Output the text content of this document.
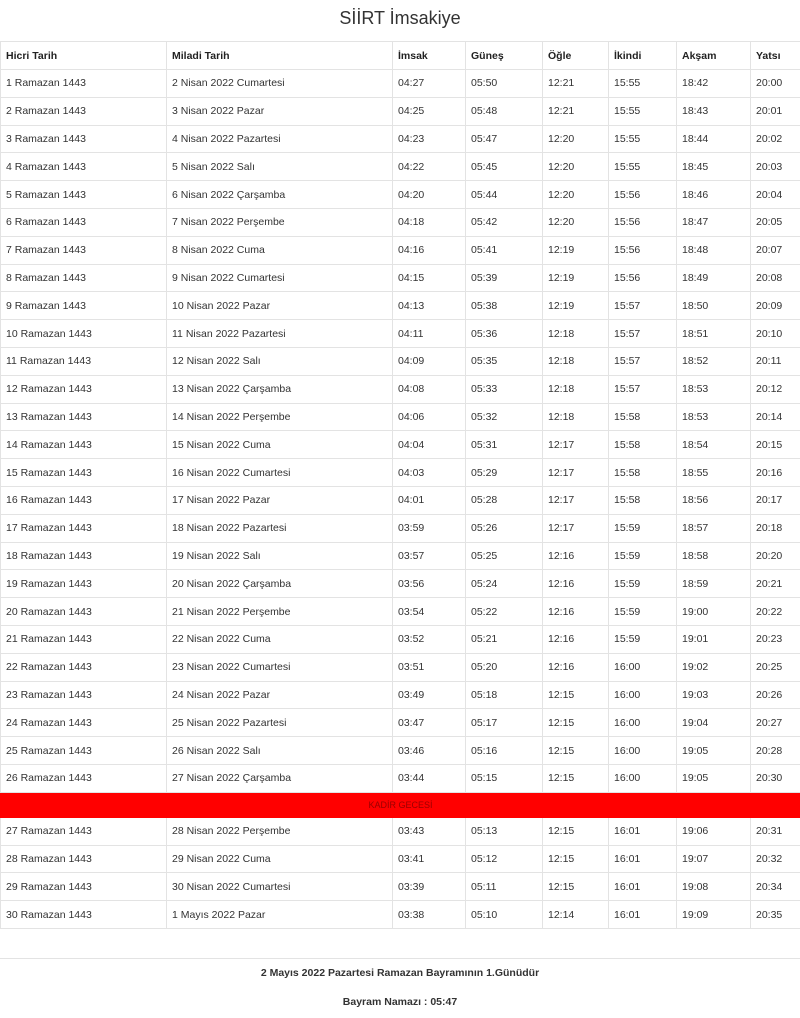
SİİRT İmsakiye
Hicri Tarih	Miladi Tarih	İmsak	Güneş	Öğle	İkindi	Akşam	Yatsı
1 Ramazan 1443	2 Nisan 2022 Cumartesi	04:27	05:50	12:21	15:55	18:42	20:00
2 Ramazan 1443	3 Nisan 2022 Pazar	04:25	05:48	12:21	15:55	18:43	20:01
3 Ramazan 1443	4 Nisan 2022 Pazartesi	04:23	05:47	12:20	15:55	18:44	20:02
4 Ramazan 1443	5 Nisan 2022 Salı	04:22	05:45	12:20	15:55	18:45	20:03
5 Ramazan 1443	6 Nisan 2022 Çarşamba	04:20	05:44	12:20	15:56	18:46	20:04
6 Ramazan 1443	7 Nisan 2022 Perşembe	04:18	05:42	12:20	15:56	18:47	20:05
7 Ramazan 1443	8 Nisan 2022 Cuma	04:16	05:41	12:19	15:56	18:48	20:07
8 Ramazan 1443	9 Nisan 2022 Cumartesi	04:15	05:39	12:19	15:56	18:49	20:08
9 Ramazan 1443	10 Nisan 2022 Pazar	04:13	05:38	12:19	15:57	18:50	20:09
10 Ramazan 1443	11 Nisan 2022 Pazartesi	04:11	05:36	12:18	15:57	18:51	20:10
11 Ramazan 1443	12 Nisan 2022 Salı	04:09	05:35	12:18	15:57	18:52	20:11
12 Ramazan 1443	13 Nisan 2022 Çarşamba	04:08	05:33	12:18	15:57	18:53	20:12
13 Ramazan 1443	14 Nisan 2022 Perşembe	04:06	05:32	12:18	15:58	18:53	20:14
14 Ramazan 1443	15 Nisan 2022 Cuma	04:04	05:31	12:17	15:58	18:54	20:15
15 Ramazan 1443	16 Nisan 2022 Cumartesi	04:03	05:29	12:17	15:58	18:55	20:16
16 Ramazan 1443	17 Nisan 2022 Pazar	04:01	05:28	12:17	15:58	18:56	20:17
17 Ramazan 1443	18 Nisan 2022 Pazartesi	03:59	05:26	12:17	15:59	18:57	20:18
18 Ramazan 1443	19 Nisan 2022 Salı	03:57	05:25	12:16	15:59	18:58	20:20
19 Ramazan 1443	20 Nisan 2022 Çarşamba	03:56	05:24	12:16	15:59	18:59	20:21
20 Ramazan 1443	21 Nisan 2022 Perşembe	03:54	05:22	12:16	15:59	19:00	20:22
21 Ramazan 1443	22 Nisan 2022 Cuma	03:52	05:21	12:16	15:59	19:01	20:23
22 Ramazan 1443	23 Nisan 2022 Cumartesi	03:51	05:20	12:16	16:00	19:02	20:25
23 Ramazan 1443	24 Nisan 2022 Pazar	03:49	05:18	12:15	16:00	19:03	20:26
24 Ramazan 1443	25 Nisan 2022 Pazartesi	03:47	05:17	12:15	16:00	19:04	20:27
25 Ramazan 1443	26 Nisan 2022 Salı	03:46	05:16	12:15	16:00	19:05	20:28
26 Ramazan 1443	27 Nisan 2022 Çarşamba	03:44	05:15	12:15	16:00	19:05	20:30
KADİR GECESİ							
27 Ramazan 1443	28 Nisan 2022 Perşembe	03:43	05:13	12:15	16:01	19:06	20:31
28 Ramazan 1443	29 Nisan 2022 Cuma	03:41	05:12	12:15	16:01	19:07	20:32
29 Ramazan 1443	30 Nisan 2022 Cumartesi	03:39	05:11	12:15	16:01	19:08	20:34
30 Ramazan 1443	1 Mayıs 2022 Pazar	03:38	05:10	12:14	16:01	19:09	20:35
2 Mayıs 2022 Pazartesi Ramazan Bayramının 1.Günüdür
Bayram Namazı : 05:47
